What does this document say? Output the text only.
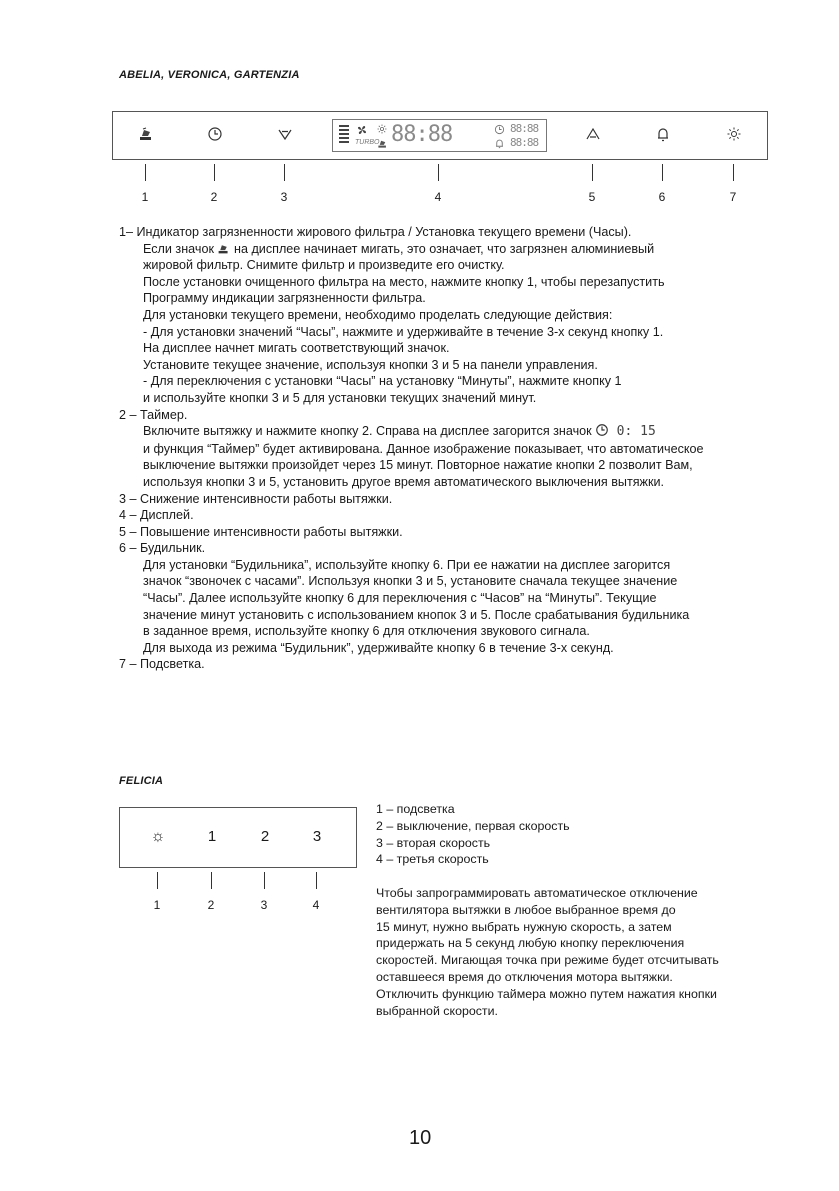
ABELIA, VERONICA, GARTENZIA
TURBO 88:88	88:88
88:88
1	2	3	4	5	6	7
1– Индикатор загрязненности жирового фильтра / Установка текущего времени (Часы).
Если значок на дисплее начинает мигать, это означает, что загрязнен алюминиевый
жировой фильтр. Снимите фильтр и произведите его очистку.
После установки очищенного фильтра на место, нажмите кнопку 1, чтобы перезапустить
Программу индикации загрязненности фильтра.
Для установки текущего времени, необходимо проделать следующие действия:
- Для установки значений “Часы”, нажмите и удерживайте в течение 3-х секунд кнопку 1.
На дисплее начнет мигать соответствующий значок.
Установите текущее значение, используя кнопки 3 и 5 на панели управления.
- Для переключения с установки “Часы” на установку “Минуты”, нажмите кнопку 1
и используйте кнопки 3 и 5 для установки текущих значений минут.
2 – Таймер.
Включите вытяжку и нажмите кнопку 2. Справа на дисплее загорится значок 0: 15
и функция “Таймер” будет активирована. Данное изображение показывает, что автоматическое
выключение вытяжки произойдет через 15 минут. Повторное нажатие кнопки 2 позволит Вам,
используя кнопки 3 и 5, установить другое время автоматического выключения вытяжки.
3 – Снижение интенсивности работы вытяжки.
4 – Дисплей.
5 – Повышение интенсивности работы вытяжки.
6 – Будильник.
Для установки “Будильника”, используйте кнопку 6. При ее нажатии на дисплее загорится
значок “звоночек с часами”. Используя кнопки 3 и 5, установите сначала текущее значение
“Часы”. Далее используйте кнопку 6 для переключения с “Часов” на “Минуты”. Текущие
значение минут установить с использованием кнопок 3 и 5. После срабатывания будильника
в заданное время, используйте кнопку 6 для отключения звукового сигнала.
Для выхода из режима “Будильник”, удерживайте кнопку 6 в течение 3-х секунд.
7 – Подсветка.
FELICIA
☼	1	2	3
1	2	3	4
1 – подсветка
2 – выключение, первая скорость
3 – вторая скорость
4 – третья скорость
Чтобы запрограммировать автоматическое отключение
вентилятора вытяжки в любое выбранное время до
15 минут, нужно выбрать нужную скорость, а затем
придержать на 5 секунд любую кнопку переключения
скоростей. Мигающая точка при режиме будет отсчитывать
оставшееся время до отключения мотора вытяжки.
Отключить функцию таймера можно путем нажатия кнопки
выбранной скорости.
10
